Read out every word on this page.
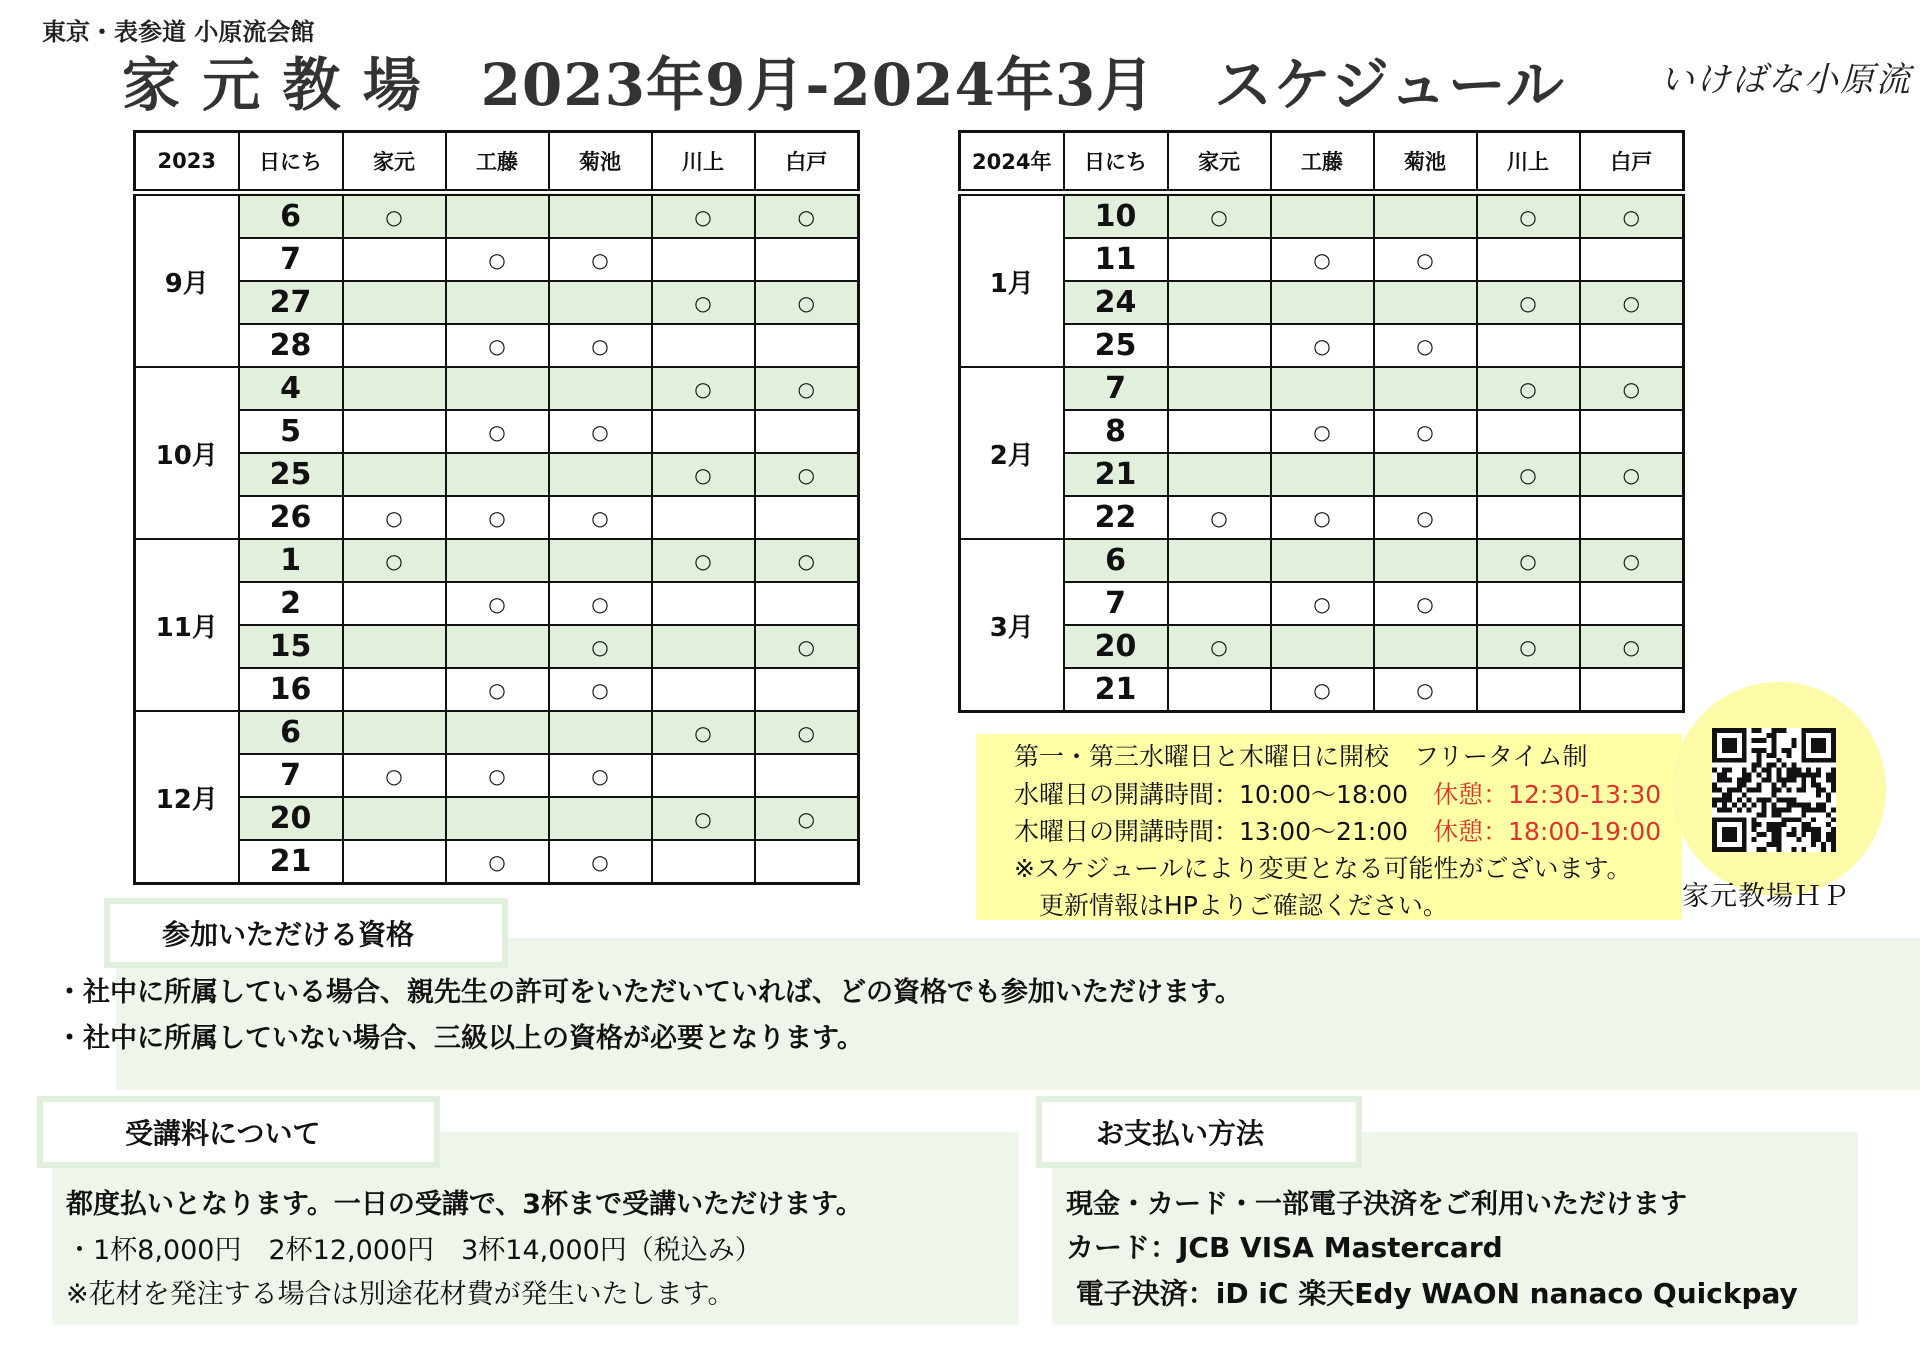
東京・表参道 小原流会館
家 元 教 場　2023年9月-2024年3月　スケジュール	いけばな小原流
2023	日にち	家元	工藤	菊池	川上	白戸
9月	6	○			○	○
	7		○	○		
	27				○	○
	28		○	○		
10月	4				○	○
	5		○	○		
	25				○	○
	26	○	○	○		
11月	1	○			○	○
	2		○	○		
	15			○		○
	16		○	○		
12月	6				○	○
	7	○	○	○		
	20				○	○
	21		○	○		
2024年	日にち	家元	工藤	菊池	川上	白戸
1月	10	○			○	○
	11		○	○		
	24				○	○
	25		○	○		
2月	7				○	○
	8		○	○		
	21				○	○
	22	○	○	○		
3月	6				○	○
	7		○	○		
	20	○			○	○
	21		○	○		
第一・第三水曜日と木曜日に開校　フリータイム制
水曜日の開講時間：10:00～18:00　休憩：12:30-13:30
木曜日の開講時間：13:00～21:00　休憩：18:00-19:00
※スケジュールにより変更となる可能性がございます。
　更新情報はHPよりご確認ください。	家元教場ＨＰ
参加いただける資格
・社中に所属している場合、親先生の許可をいただいていれば、どの資格でも参加いただけます。
・社中に所属していない場合、三級以上の資格が必要となります。
受講料について
都度払いとなります。一日の受講で、3杯まで受講いただけます。
・1杯8,000円　2杯12,000円　3杯14,000円（税込み）
※花材を発注する場合は別途花材費が発生いたします。
お支払い方法
現金・カード・一部電子決済をご利用いただけます
カード：JCB VISA Mastercard
電子決済：iD iC 楽天Edy WAON nanaco Quickpay
